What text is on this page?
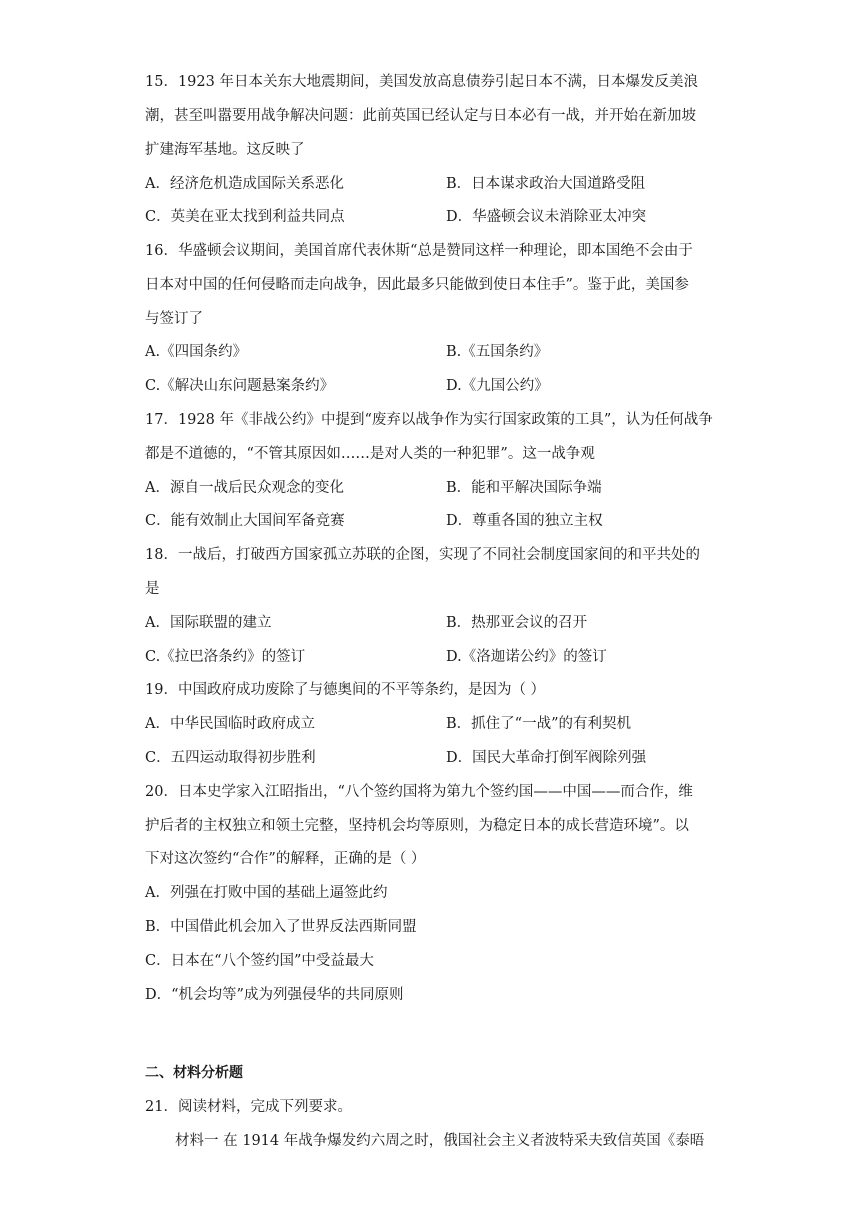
15．1923 年日本关东大地震期间，美国发放高息债券引起日本不满，日本爆发反美浪
潮，甚至叫嚣要用战争解决问题：此前英国已经认定与日本必有一战，并开始在新加坡
扩建海军基地。这反映了
A．经济危机造成国际关系恶化	B．日本谋求政治大国道路受阻
C．英美在亚太找到利益共同点	D．华盛顿会议未消除亚太冲突
16．华盛顿会议期间，美国首席代表休斯“总是赞同这样一种理论，即本国绝不会由于
日本对中国的任何侵略而走向战争，因此最多只能做到使日本住手”。鉴于此，美国参
与签订了
A.《四国条约》	B.《五国条约》
C.《解决山东问题悬案条约》	D.《九国公约》
17．1928 年《非战公约》中提到“废弃以战争作为实行国家政策的工具”，认为任何战争
都是不道德的，“不管其原因如……是对人类的一种犯罪”。这一战争观
A．源自一战后民众观念的变化	B．能和平解决国际争端
C．能有效制止大国间军备竞赛	D．尊重各国的独立主权
18．一战后，打破西方国家孤立苏联的企图，实现了不同社会制度国家间的和平共处的
是
A．国际联盟的建立	B．热那亚会议的召开
C.《拉巴洛条约》的签订	D.《洛迦诺公约》的签订
19．中国政府成功废除了与德奥间的不平等条约，是因为（ ）
A．中华民国临时政府成立	B．抓住了“一战”的有利契机
C．五四运动取得初步胜利	D．国民大革命打倒军阀除列强
20．日本史学家入江昭指出，“八个签约国将为第九个签约国——中国——而合作，维
护后者的主权独立和领土完整，坚持机会均等原则，为稳定日本的成长营造环境”。以
下对这次签约“合作”的解释，正确的是（ ）
A．列强在打败中国的基础上逼签此约
B．中国借此机会加入了世界反法西斯同盟
C．日本在“八个签约国”中受益最大
D．“机会均等”成为列强侵华的共同原则
二、材料分析题
21．阅读材料，完成下列要求。
材料一 在 1914 年战争爆发约六周之时，俄国社会主义者波特采夫致信英国《泰晤
